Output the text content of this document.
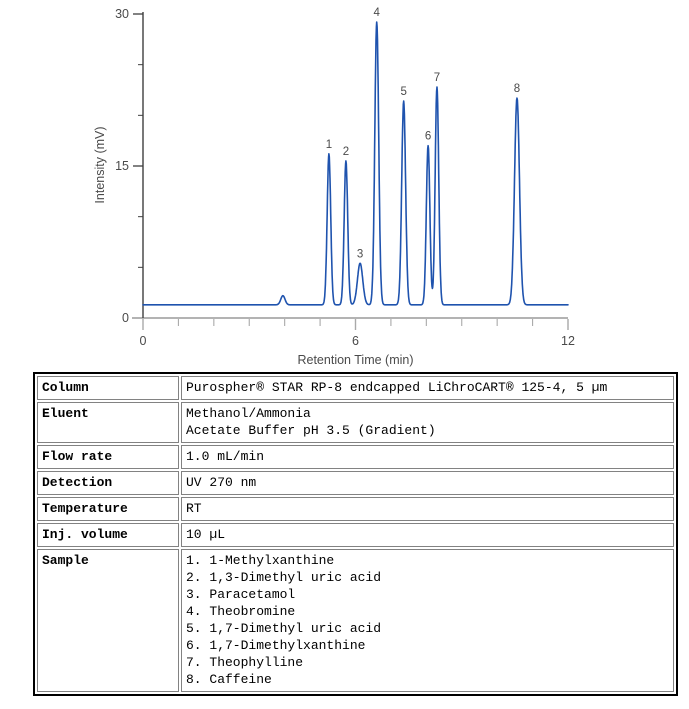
0	6	12
0
15
30
Retention Time (min)
Intensity (mV)	1
2
3
4
5
6
7
8
Column	Purospher® STAR RP-8 endcapped LiChroCART® 125-4, 5 µm

Eluent	Methanol/Ammonia
Acetate Buffer pH 3.5 (Gradient)

Flow rate	1.0 mL/min

Detection	UV 270 nm

Temperature	RT

Inj. volume	10 µL

Sample	1. 1-Methylxanthine
2. 1,3-Dimethyl uric acid
3. Paracetamol
4. Theobromine
5. 1,7-Dimethyl uric acid
6. 1,7-Dimethylxanthine
7. Theophylline
8. Caffeine
